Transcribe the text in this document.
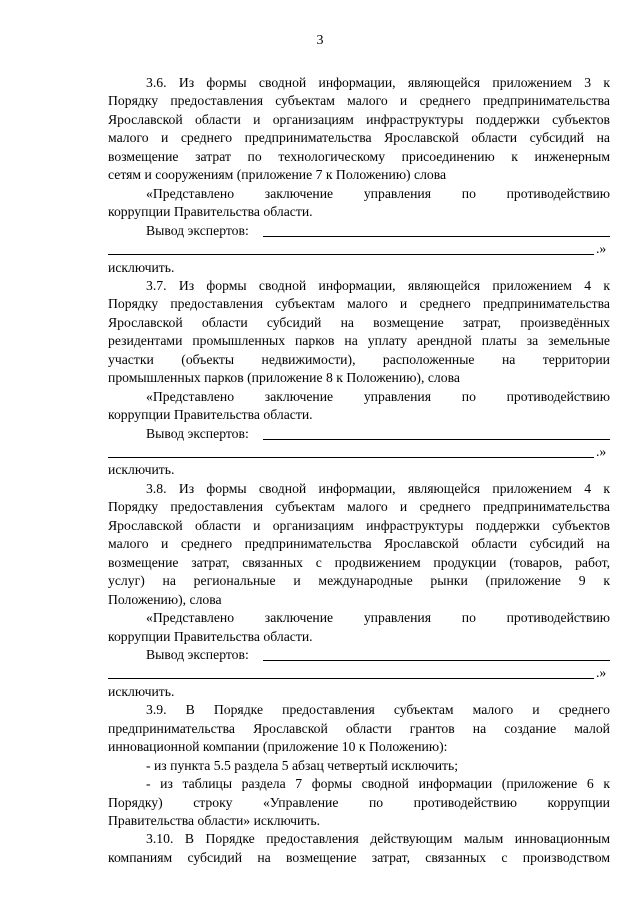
3
3.6. Из формы сводной информации, являющейся приложением 3 к
Порядку предоставления субъектам малого и среднего предпринимательства
Ярославской области и организациям инфраструктуры поддержки субъектов
малого и среднего предпринимательства Ярославской области субсидий на
возмещение затрат по технологическому присоединению к инженерным
сетям и сооружениям (приложение 7 к Положению) слова
«Представлено заключение управления по противодействию
коррупции Правительства области.
Вывод экспертов:
.»
исключить.
3.7. Из формы сводной информации, являющейся приложением 4 к
Порядку предоставления субъектам малого и среднего предпринимательства
Ярославской области субсидий на возмещение затрат, произведённых
резидентами промышленных парков на уплату арендной платы за земельные
участки (объекты недвижимости), расположенные на территории
промышленных парков (приложение 8 к Положению), слова
«Представлено заключение управления по противодействию
коррупции Правительства области.
Вывод экспертов:
.»
исключить.
3.8. Из формы сводной информации, являющейся приложением 4 к
Порядку предоставления субъектам малого и среднего предпринимательства
Ярославской области и организациям инфраструктуры поддержки субъектов
малого и среднего предпринимательства Ярославской области субсидий на
возмещение затрат, связанных с продвижением продукции (товаров, работ,
услуг) на региональные и международные рынки (приложение 9 к
Положению), слова
«Представлено заключение управления по противодействию
коррупции Правительства области.
Вывод экспертов:
.»
исключить.
3.9. В Порядке предоставления субъектам малого и среднего
предпринимательства Ярославской области грантов на создание малой
инновационной компании (приложение 10 к Положению):
- из пункта 5.5 раздела 5 абзац четвертый исключить;
- из таблицы раздела 7 формы сводной информации (приложение 6 к
Порядку) строку «Управление по противодействию коррупции
Правительства области» исключить.
3.10. В Порядке предоставления действующим малым инновационным
компаниям субсидий на возмещение затрат, связанных с производством
